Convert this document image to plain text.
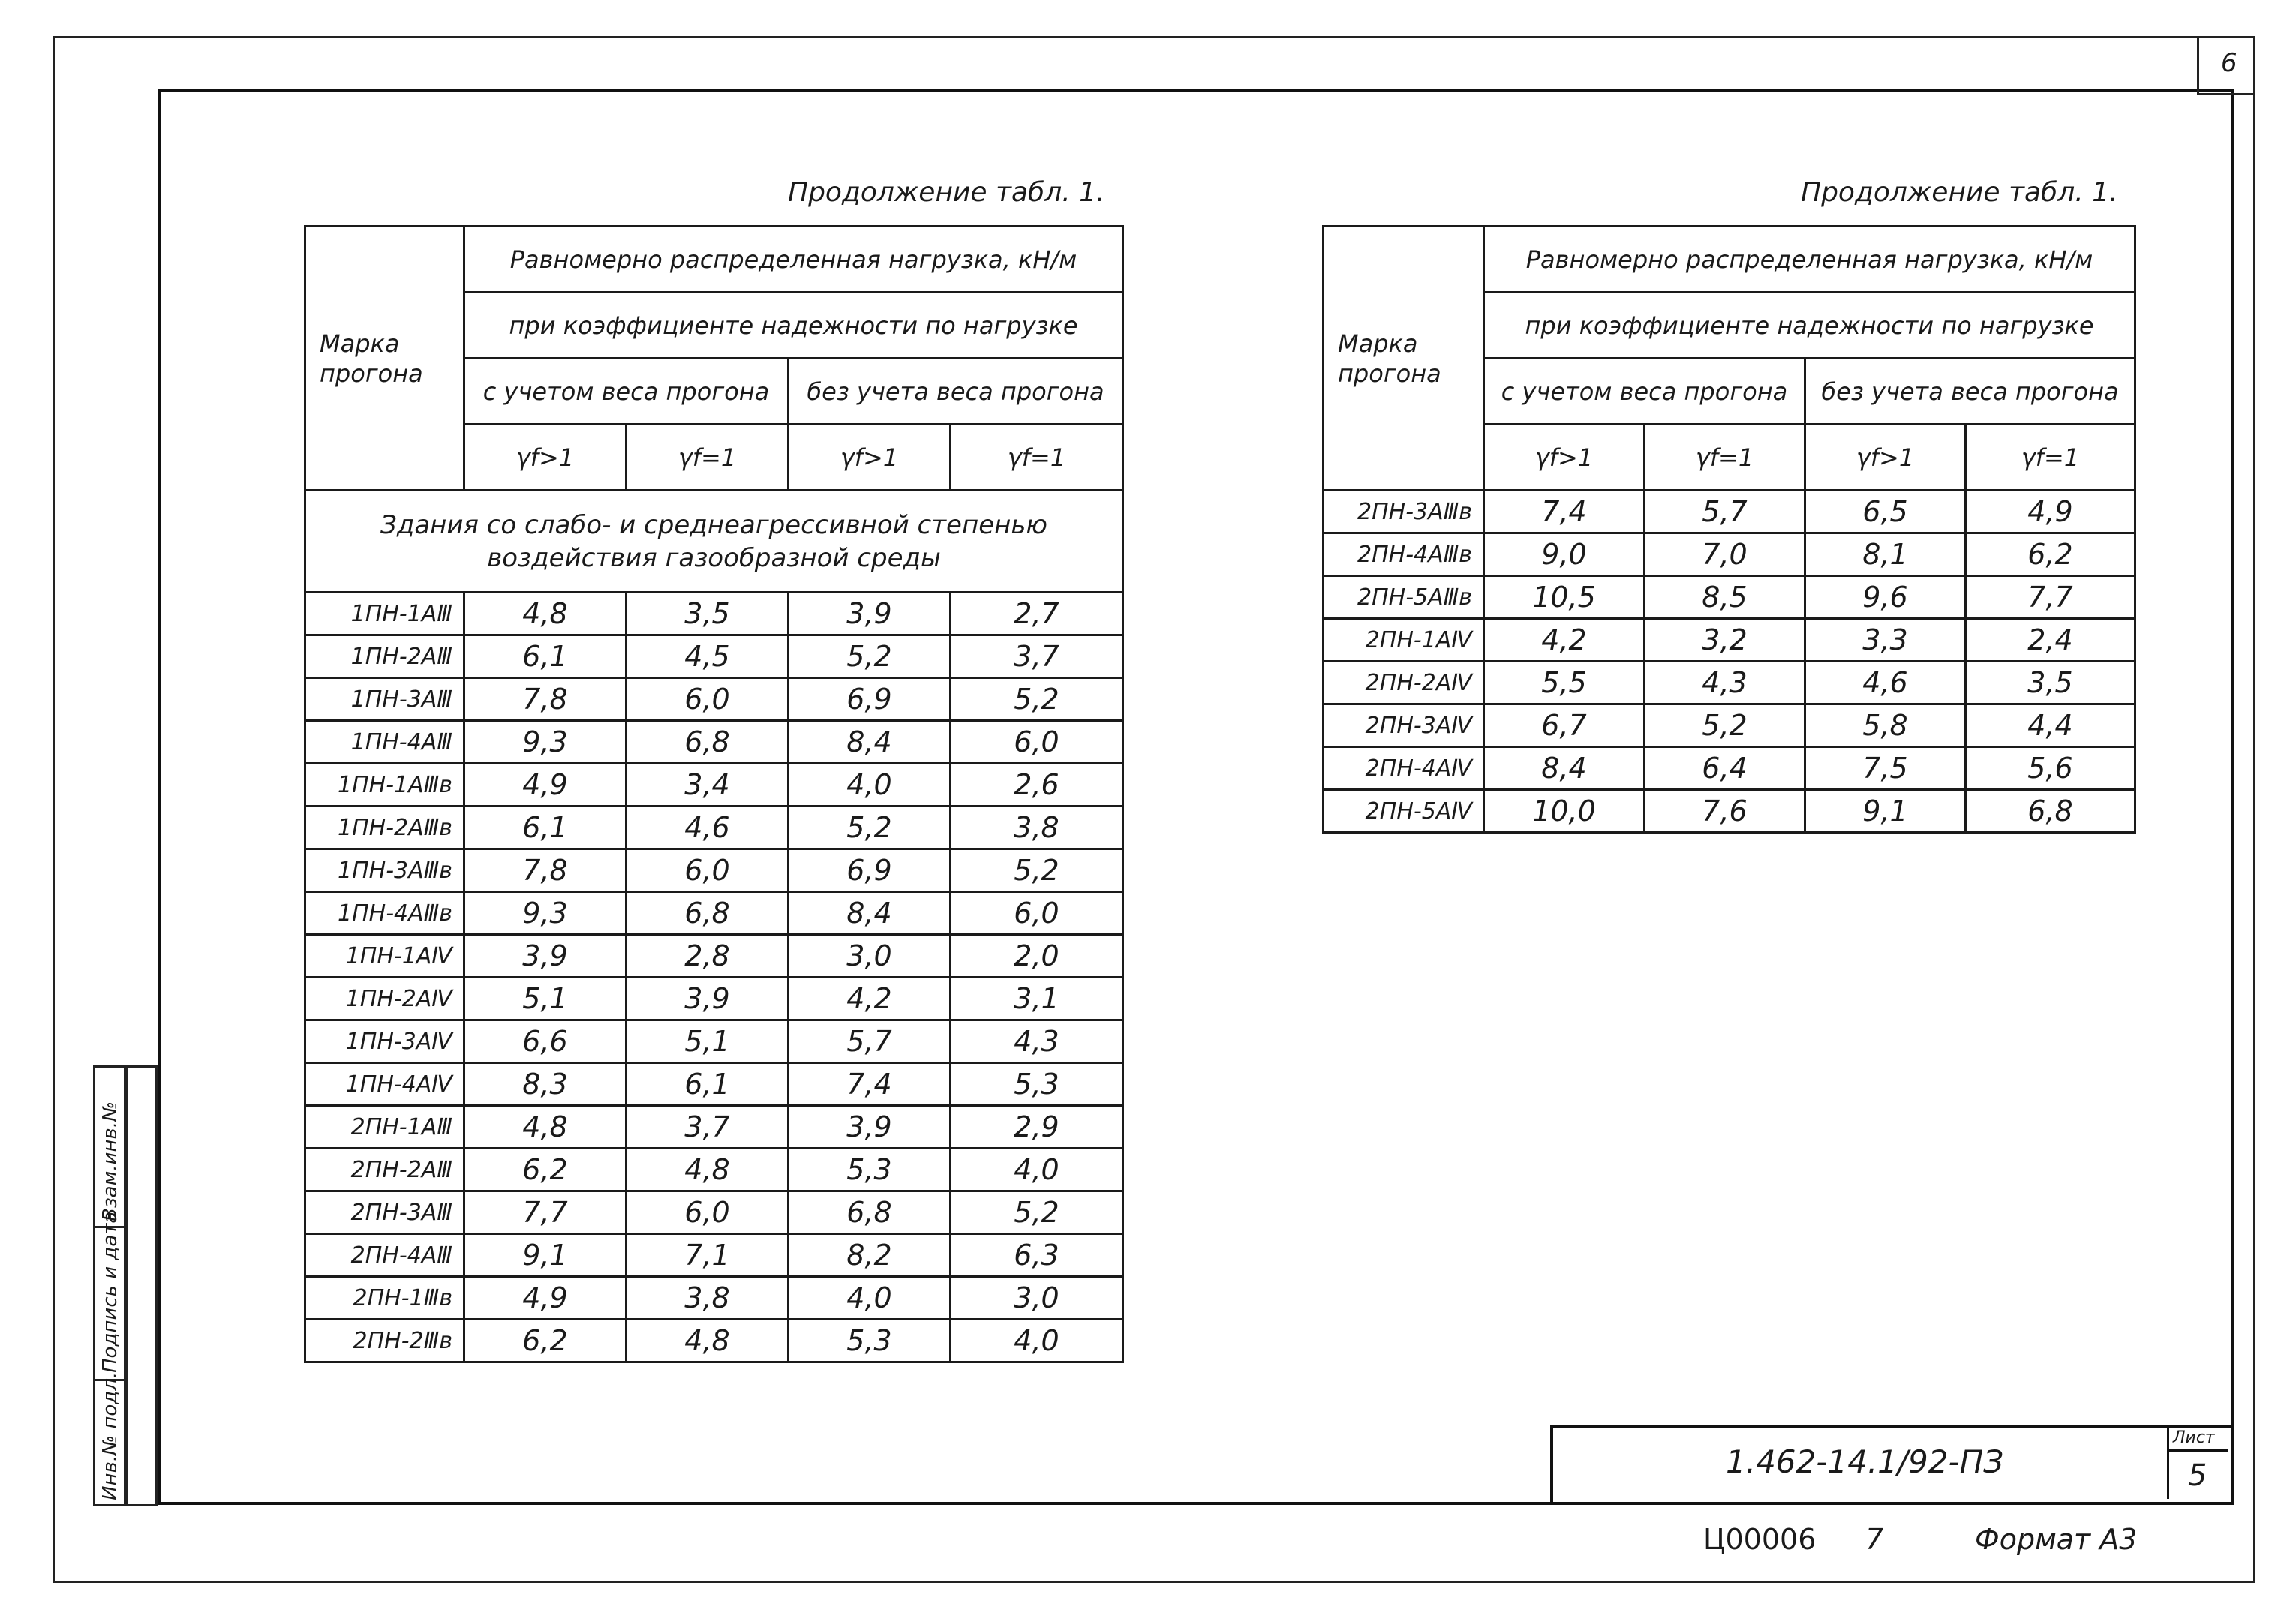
6
Инв.№ подл.
Подпись и дата
Взам.инв.№
Продолжение табл. 1.
Марка прогона	Равномерно распределенная нагрузка, кН/м			
	при коэффициенте надежности по нагрузке			
	с учетом веса прогона		без учета веса прогона	
	γf>1	γf=1	γf>1	γf=1
Здания со слабо- и среднеагрессивной степенью воздействия газообразной среды				
1ПН-1АⅢ	4,8	3,5	3,9	2,7
1ПН-2АⅢ	6,1	4,5	5,2	3,7
1ПН-3АⅢ	7,8	6,0	6,9	5,2
1ПН-4АⅢ	9,3	6,8	8,4	6,0
1ПН-1АⅢв	4,9	3,4	4,0	2,6
1ПН-2АⅢв	6,1	4,6	5,2	3,8
1ПН-3АⅢв	7,8	6,0	6,9	5,2
1ПН-4АⅢв	9,3	6,8	8,4	6,0
1ПН-1АⅣ	3,9	2,8	3,0	2,0
1ПН-2АⅣ	5,1	3,9	4,2	3,1
1ПН-3АⅣ	6,6	5,1	5,7	4,3
1ПН-4АⅣ	8,3	6,1	7,4	5,3
2ПН-1АⅢ	4,8	3,7	3,9	2,9
2ПН-2АⅢ	6,2	4,8	5,3	4,0
2ПН-3АⅢ	7,7	6,0	6,8	5,2
2ПН-4АⅢ	9,1	7,1	8,2	6,3
2ПН-1Ⅲв	4,9	3,8	4,0	3,0
2ПН-2Ⅲв	6,2	4,8	5,3	4,0
Продолжение табл. 1.
Марка прогона	Равномерно распределенная нагрузка, кН/м			
	при коэффициенте надежности по нагрузке			
	с учетом веса прогона		без учета веса прогона	
	γf>1	γf=1	γf>1	γf=1
2ПН-3АⅢв	7,4	5,7	6,5	4,9
2ПН-4АⅢв	9,0	7,0	8,1	6,2
2ПН-5АⅢв	10,5	8,5	9,6	7,7
2ПН-1АⅣ	4,2	3,2	3,3	2,4
2ПН-2АⅣ	5,5	4,3	4,6	3,5
2ПН-3АⅣ	6,7	5,2	5,8	4,4
2ПН-4АⅣ	8,4	6,4	7,5	5,6
2ПН-5АⅣ	10,0	7,6	9,1	6,8
1.462-14.1/92-ПЗ
Лист
5
Ц00006 7	Формат А3
